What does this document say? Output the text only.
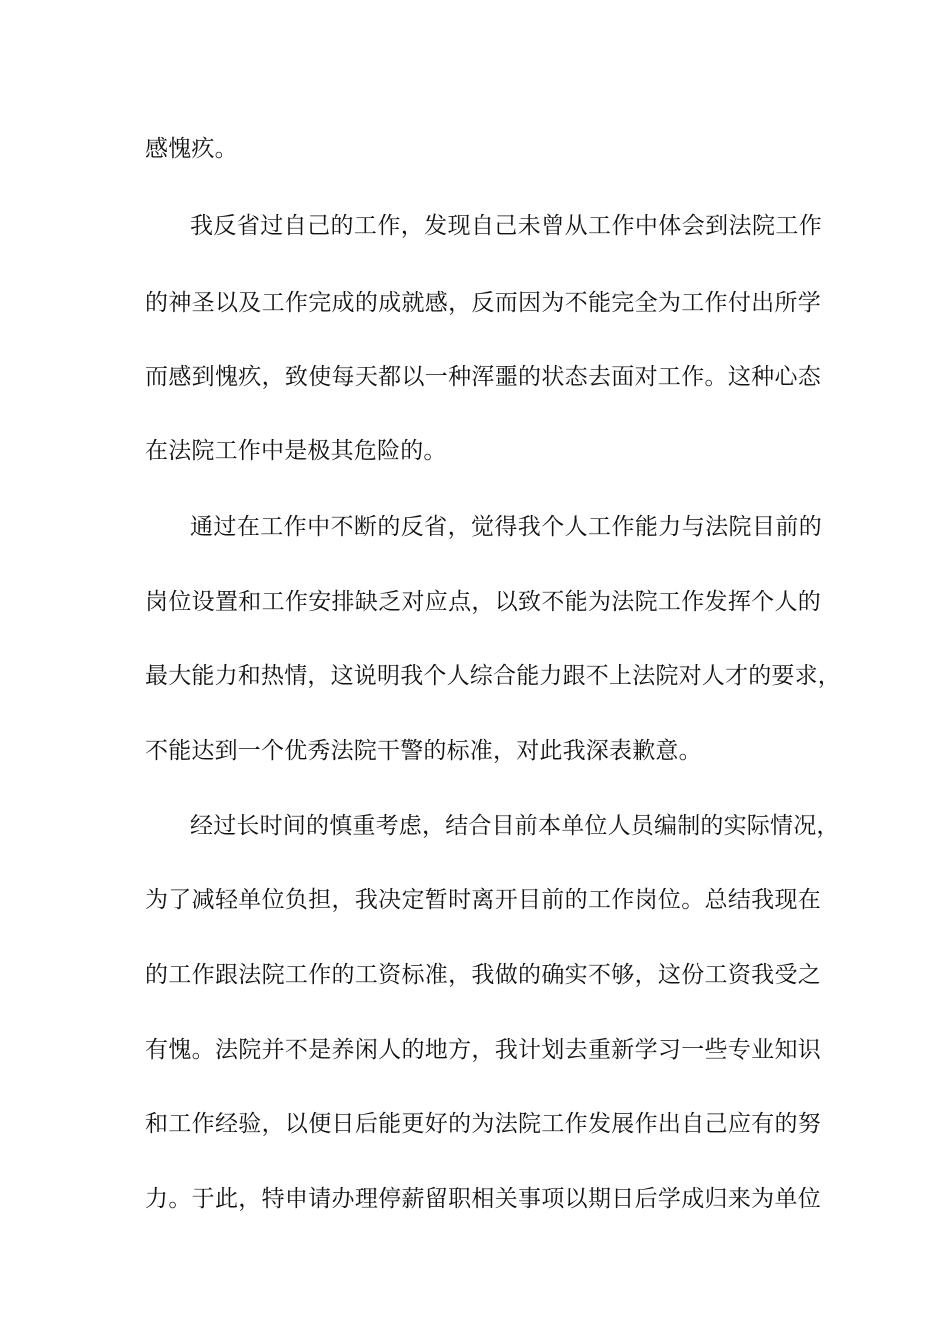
感愧疚。
我反省过自己的工作，发现自己未曾从工作中体会到法院工作
的神圣以及工作完成的成就感，反而因为不能完全为工作付出所学
而感到愧疚，致使每天都以一种浑噩的状态去面对工作。这种心态
在法院工作中是极其危险的。
通过在工作中不断的反省，觉得我个人工作能力与法院目前的
岗位设置和工作安排缺乏对应点，以致不能为法院工作发挥个人的
最大能力和热情，这说明我个人综合能力跟不上法院对人才的要求，
不能达到一个优秀法院干警的标准，对此我深表歉意。
经过长时间的慎重考虑，结合目前本单位人员编制的实际情况，
为了减轻单位负担，我决定暂时离开目前的工作岗位。总结我现在
的工作跟法院工作的工资标准，我做的确实不够，这份工资我受之
有愧。法院并不是养闲人的地方，我计划去重新学习一些专业知识
和工作经验，以便日后能更好的为法院工作发展作出自己应有的努
力。于此，特申请办理停薪留职相关事项以期日后学成归来为单位
